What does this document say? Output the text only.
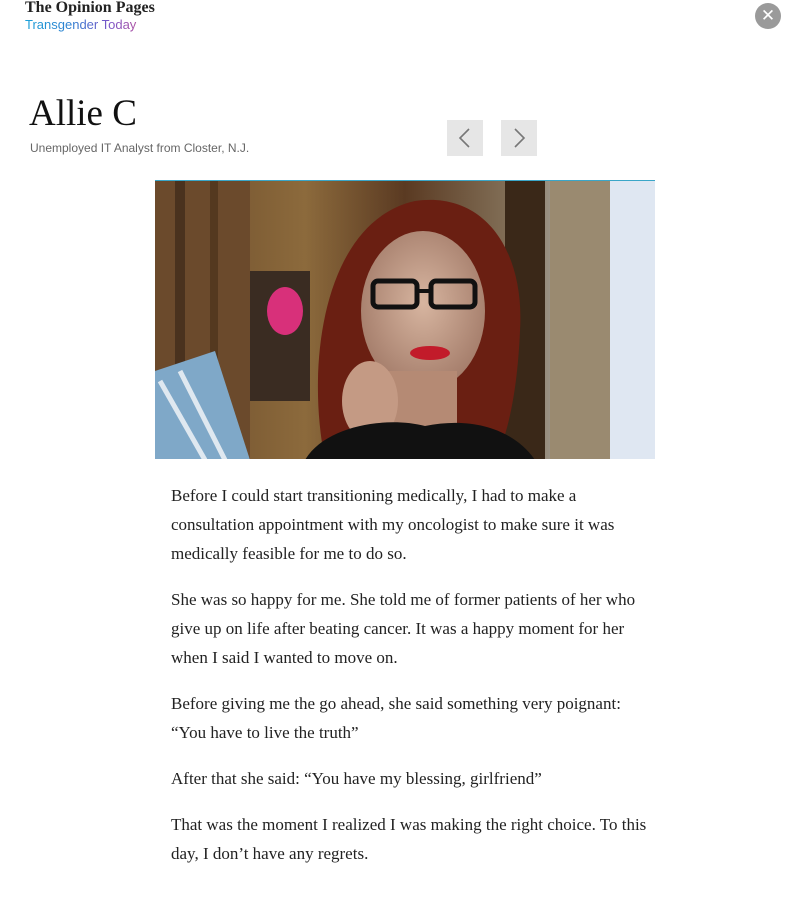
The Opinion Pages
Transgender Today	✕
Allie C
Unemployed IT Analyst from Closter, N.J.

Before I could start transitioning medically, I had to make a consultation appointment with my oncologist to make sure it was medically feasible for me to do so.

She was so happy for me. She told me of former patients of her who give up on life after beating cancer. It was a happy moment for her when I said I wanted to move on.

Before giving me the go ahead, she said something very poignant: “You have to live the truth”

After that she said: “You have my blessing, girlfriend”

That was the moment I realized I was making the right choice. To this day, I don’t have any regrets.
